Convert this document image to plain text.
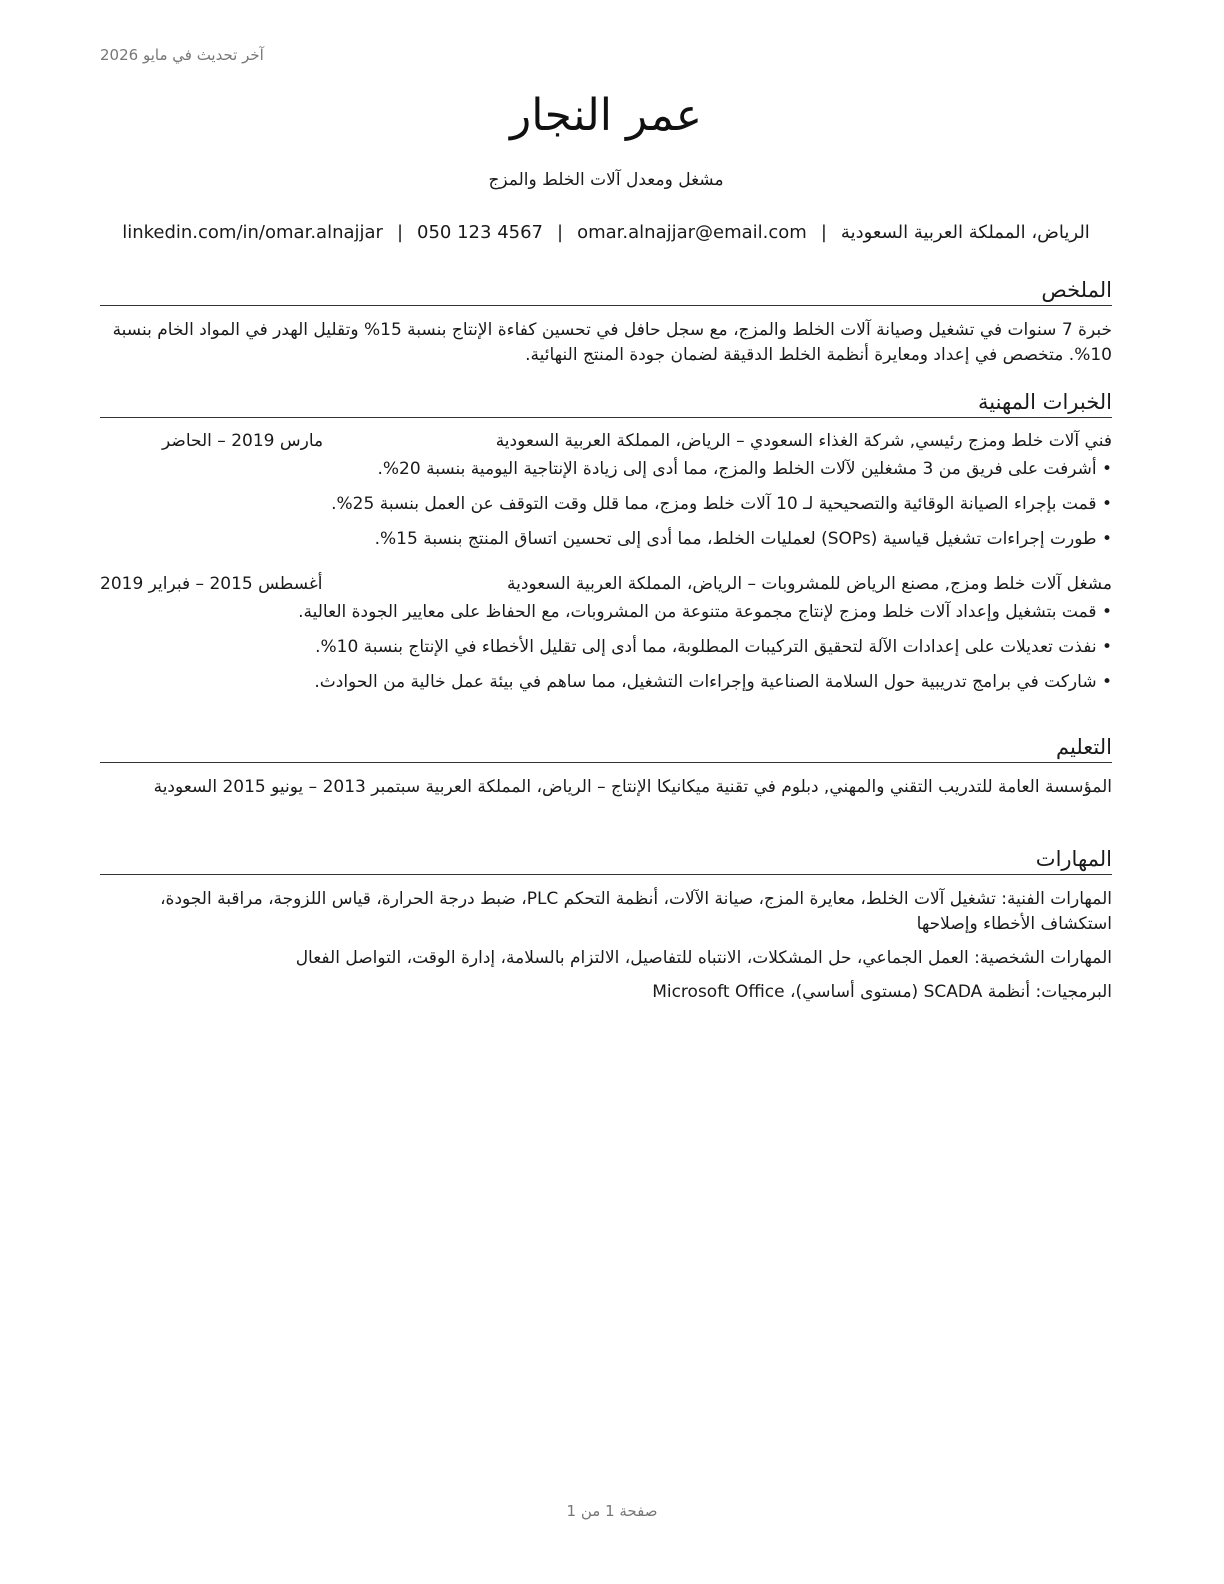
آخر تحديث في مايو 2026
عمر النجار
مشغل ومعدل آلات الخلط والمزج
الرياض، المملكة العربية السعودية|omar.alnajjar@email.com|050 123 4567|linkedin.com/in/omar.alnajjar
الملخص

خبرة 7 سنوات في تشغيل وصيانة آلات الخلط والمزج، مع سجل حافل في تحسين كفاءة الإنتاج بنسبة 15% وتقليل الهدر في المواد الخام بنسبة 10%. متخصص في إعداد ومعايرة أنظمة الخلط الدقيقة لضمان جودة المنتج النهائية.

الخبرات المهنية
فني آلات خلط ومزج رئيسي, شركة الغذاء السعودي – الرياض، المملكة العربية السعودية
مارس 2019 – الحاضر
• أشرفت على فريق من 3 مشغلين لآلات الخلط والمزج، مما أدى إلى زيادة الإنتاجية اليومية بنسبة 20%.
• قمت بإجراء الصيانة الوقائية والتصحيحية لـ 10 آلات خلط ومزج، مما قلل وقت التوقف عن العمل بنسبة 25%.
• طورت إجراءات تشغيل قياسية (SOPs) لعمليات الخلط، مما أدى إلى تحسين اتساق المنتج بنسبة 15%.
مشغل آلات خلط ومزج, مصنع الرياض للمشروبات – الرياض، المملكة العربية السعودية
أغسطس 2015 – فبراير 2019
• قمت بتشغيل وإعداد آلات خلط ومزج لإنتاج مجموعة متنوعة من المشروبات، مع الحفاظ على معايير الجودة العالية.
• نفذت تعديلات على إعدادات الآلة لتحقيق التركيبات المطلوبة، مما أدى إلى تقليل الأخطاء في الإنتاج بنسبة 10%.
• شاركت في برامج تدريبية حول السلامة الصناعية وإجراءات التشغيل، مما ساهم في بيئة عمل خالية من الحوادث.
التعليم

المؤسسة العامة للتدريب التقني والمهني, دبلوم في تقنية ميكانيكا الإنتاج – الرياض، المملكة العربية سبتمبر 2013 – يونيو 2015 السعودية

المهارات

المهارات الفنية: تشغيل آلات الخلط، معايرة المزج، صيانة الآلات، أنظمة التحكم PLC، ضبط درجة الحرارة، قياس اللزوجة، مراقبة الجودة، استكشاف الأخطاء وإصلاحها

المهارات الشخصية: العمل الجماعي، حل المشكلات، الانتباه للتفاصيل، الالتزام بالسلامة، إدارة الوقت، التواصل الفعال

البرمجيات: أنظمة SCADA (مستوى أساسي)، Microsoft Office

صفحة 1 من 1
